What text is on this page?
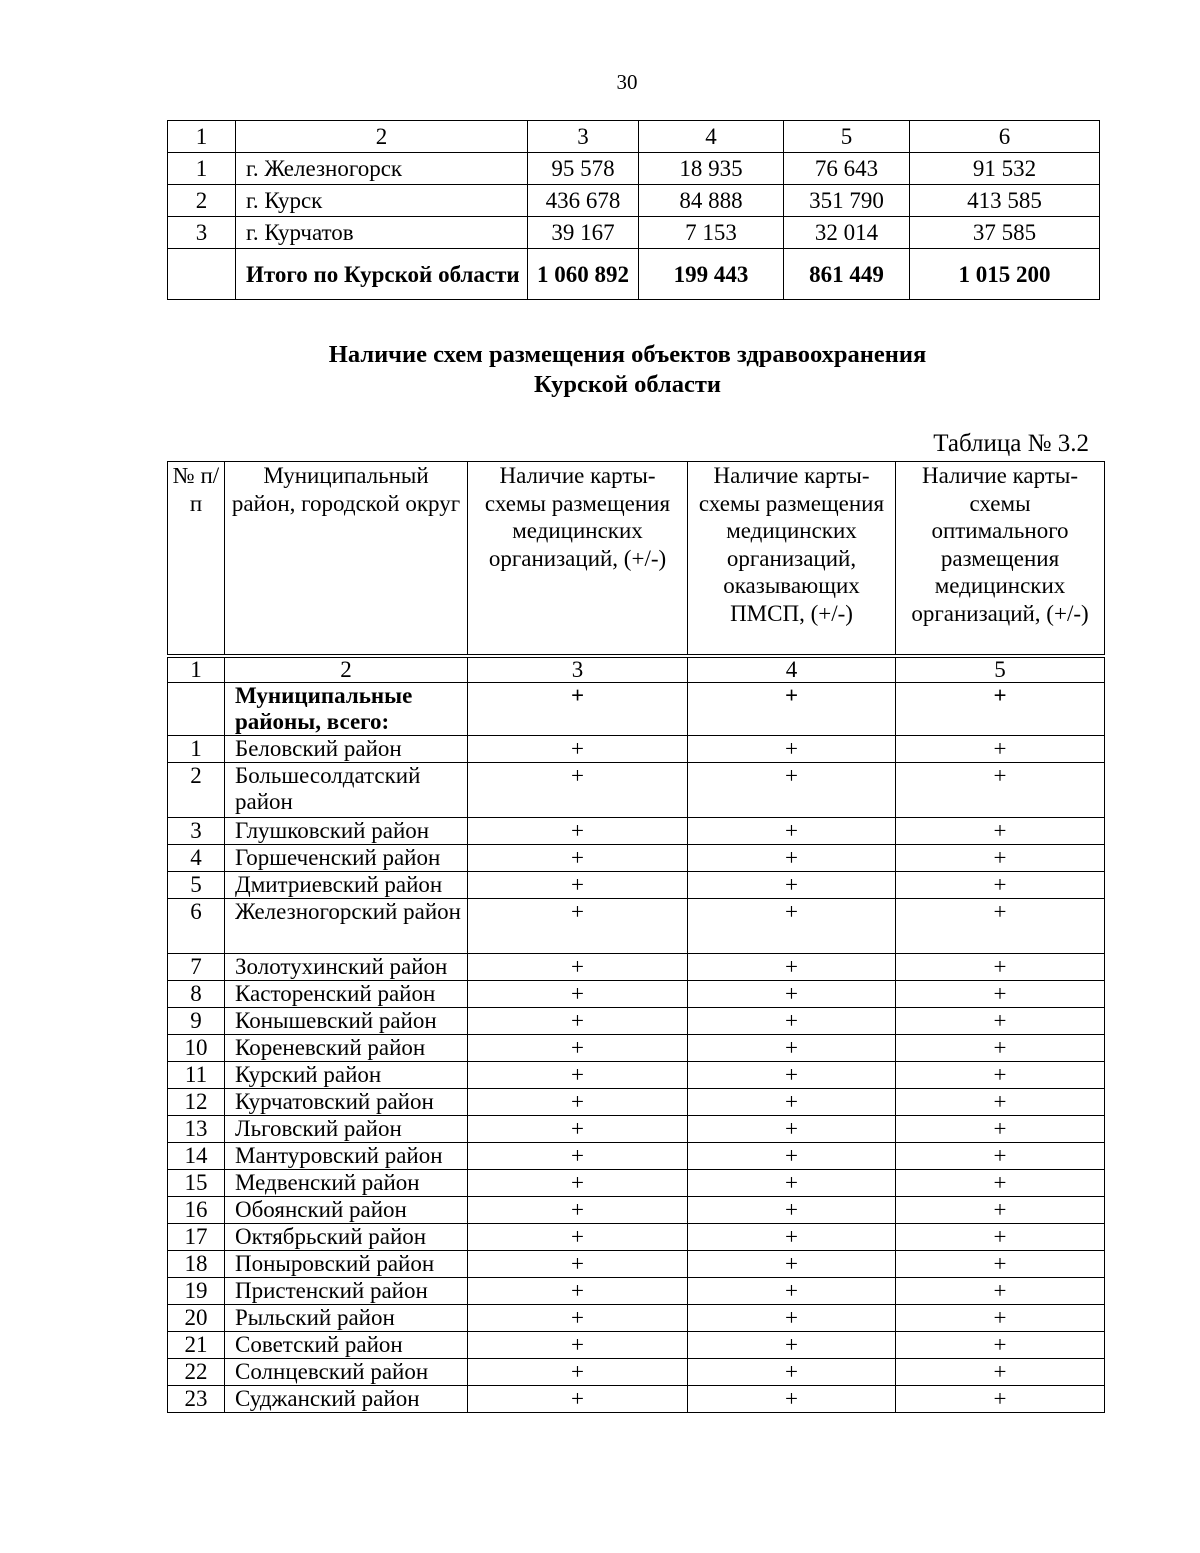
30
1	2	3	4	5	6
1	г. Железногорск	95 578	18 935	76 643	91 532
2	г. Курск	436 678	84 888	351 790	413 585
3	г. Курчатов	39 167	7 153	32 014	37 585
	Итого по Курской области	1 060 892	199 443	861 449	1 015 200
Наличие схем размещения объектов здравоохранения
Курской области
Таблица № 3.2
№ п/п	Муниципальный район, городской округ	Наличие карты-схемы размещения медицинских организаций, (+/-)	Наличие карты-схемы размещения медицинских организаций, оказывающих ПМСП, (+/-)	Наличие карты-схемы оптимального размещения медицинских организаций, (+/-)
1	2	3	4	5
	Муниципальные районы, всего:	+	+	+
1	Беловский район	+	+	+
2	Большесолдатский район	+	+	+
3	Глушковский район	+	+	+
4	Горшеченский район	+	+	+
5	Дмитриевский район	+	+	+
6	Железногорский район	+	+	+
7	Золотухинский район	+	+	+
8	Касторенский район	+	+	+
9	Конышевский район	+	+	+
10	Кореневский район	+	+	+
11	Курский район	+	+	+
12	Курчатовский район	+	+	+
13	Льговский район	+	+	+
14	Мантуровский район	+	+	+
15	Медвенский район	+	+	+
16	Обоянский район	+	+	+
17	Октябрьский район	+	+	+
18	Поныровский район	+	+	+
19	Пристенский район	+	+	+
20	Рыльский район	+	+	+
21	Советский район	+	+	+
22	Солнцевский район	+	+	+
23	Суджанский район	+	+	+
